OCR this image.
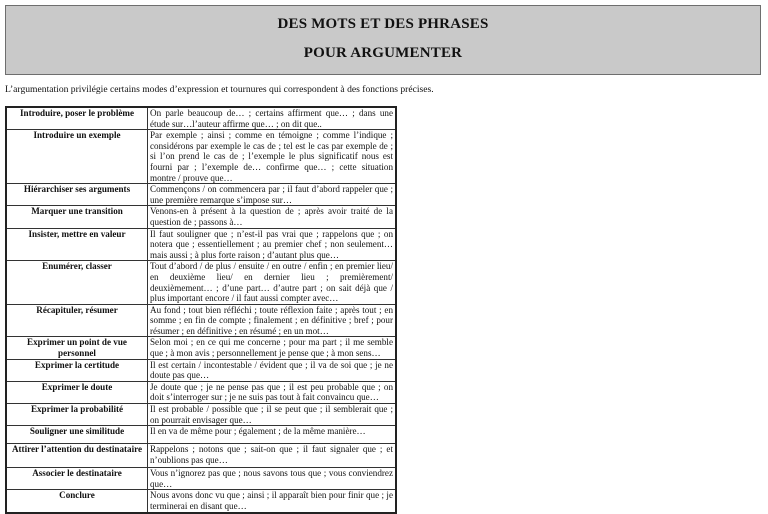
DES MOTS ET DES PHRASES
POUR ARGUMENTER
L’argumentation privilégie certains modes d’expression et tournures qui correspondent à des fonctions précises.
Introduire, poser le problème	On parle beaucoup de… ; certains affirment que… ; dans une étude sur…l’auteur affirme que… ; on dit que..
Introduire un exemple	Par exemple ; ainsi ; comme en témoigne ; comme l’indique ; considérons par exemple le cas de ; tel est le cas par exemple de ; si l’on prend le cas de ; l’exemple le plus significatif nous est fourni par ; l’exemple de… confirme que… ; cette situation montre / prouve que…
Hiérarchiser ses arguments	Commençons / on commencera par ; il faut d’abord rappeler que ; une première remarque s’impose sur…
Marquer une transition	Venons-en à présent à la question de ; après avoir traité de la question de ; passons à…
Insister, mettre en valeur	Il faut souligner que ; n’est-il pas vrai que ; rappelons que ; on notera que ; essentiellement ; au premier chef ; non seulement… mais aussi ; à plus forte raison ; d’autant plus que…
Enumérer, classer	Tout d’abord / de plus / ensuite / en outre / enfin ; en premier lieu/ en deuxième lieu/ en dernier lieu ; premièrement/ deuxièmement… ; d’une part… d’autre part ; on sait déjà que / plus important encore / il faut aussi compter avec…
Récapituler, résumer	Au fond ; tout bien réfléchi ; toute réflexion faite ; après tout ; en somme ; en fin de compte ; finalement ; en définitive ; bref ; pour résumer ; en définitive ; en résumé ; en un mot…
Exprimer un point de vue personnel	Selon moi ; en ce qui me concerne ; pour ma part ; il me semble que ; à mon avis ; personnellement je pense que ; à mon sens…
Exprimer la certitude	Il est certain / incontestable / évident que ; il va de soi que ; je ne doute pas que…
Exprimer le doute	Je doute que ; je ne pense pas que ; il est peu probable que ; on doit s’interroger sur ; je ne suis pas tout à fait convaincu que…
Exprimer la probabilité	Il est probable / possible que ; il se peut que ; il semblerait que ; on pourrait envisager que…
Souligner une similitude	Il en va de même pour ; également ; de la même manière…
Attirer l’attention du destinataire	Rappelons ; notons que ; sait-on que ; il faut signaler que ; et n’oublions pas que…
Associer le destinataire	Vous n’ignorez pas que ; nous savons tous que ; vous conviendrez que…
Conclure	Nous avons donc vu que ; ainsi ; il apparaît bien pour finir que ; je terminerai en disant que…
